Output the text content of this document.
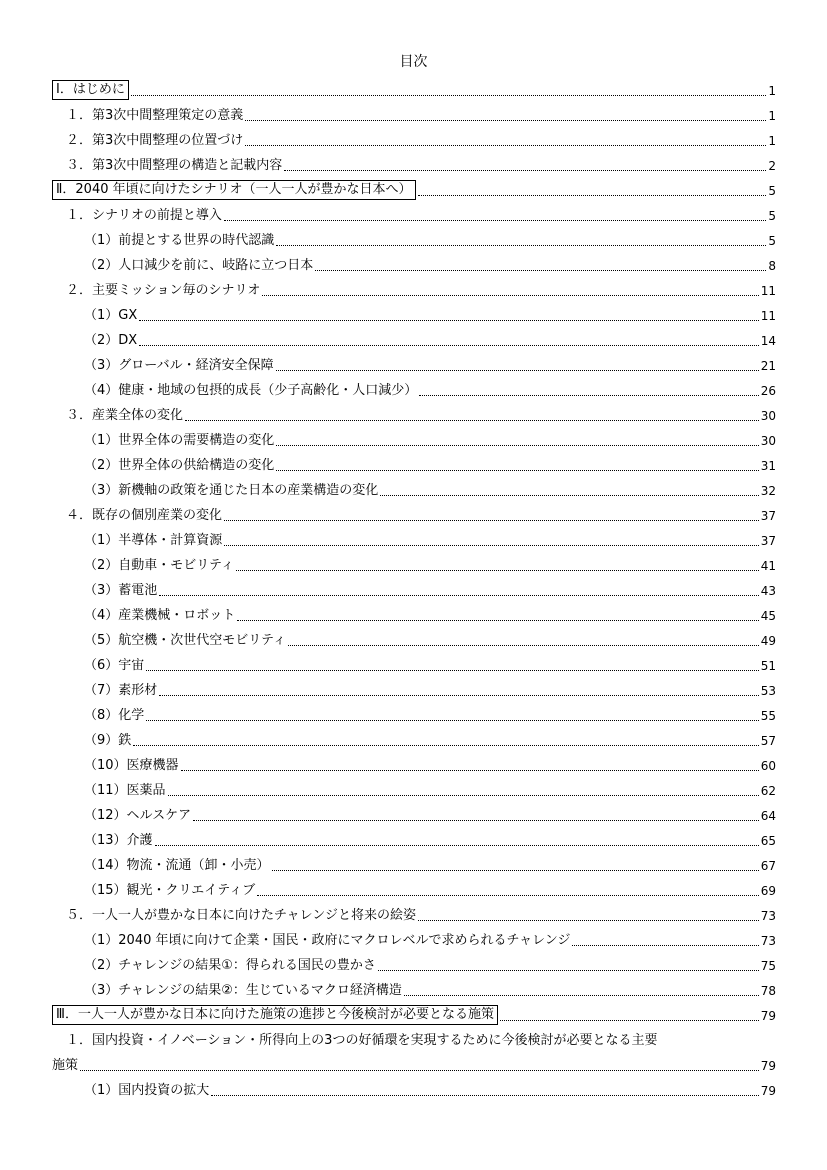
目次
Ⅰ．はじめに	1
１．第3次中間整理策定の意義	1
２．第3次中間整理の位置づけ	1
３．第3次中間整理の構造と記載内容	2
Ⅱ．2040 年頃に向けたシナリオ（一人一人が豊かな日本へ）	5
１．シナリオの前提と導入	5
（1）前提とする世界の時代認識	5
（2）人口減少を前に、岐路に立つ日本	8
２．主要ミッション毎のシナリオ	11
（1）GX	11
（2）DX	14
（3）グローバル・経済安全保障	21
（4）健康・地域の包摂的成長（少子高齢化・人口減少）	26
３．産業全体の変化	30
（1）世界全体の需要構造の変化	30
（2）世界全体の供給構造の変化	31
（3）新機軸の政策を通じた日本の産業構造の変化	32
４．既存の個別産業の変化	37
（1）半導体・計算資源	37
（2）自動車・モビリティ	41
（3）蓄電池	43
（4）産業機械・ロボット	45
（5）航空機・次世代空モビリティ	49
（6）宇宙	51
（7）素形材	53
（8）化学	55
（9）鉄	57
（10）医療機器	60
（11）医薬品	62
（12）ヘルスケア	64
（13）介護	65
（14）物流・流通（卸・小売）	67
（15）観光・クリエイティブ	69
５．一人一人が豊かな日本に向けたチャレンジと将来の絵姿	73
（1）2040 年頃に向けて企業・国民・政府にマクロレベルで求められるチャレンジ	73
（2）チャレンジの結果①：得られる国民の豊かさ	75
（3）チャレンジの結果②：生じているマクロ経済構造	78
Ⅲ．一人一人が豊かな日本に向けた施策の進捗と今後検討が必要となる施策	79
１．国内投資・イノベーション・所得向上の3つの好循環を実現するために今後検討が必要となる主要
施策	79
（1）国内投資の拡大	79
